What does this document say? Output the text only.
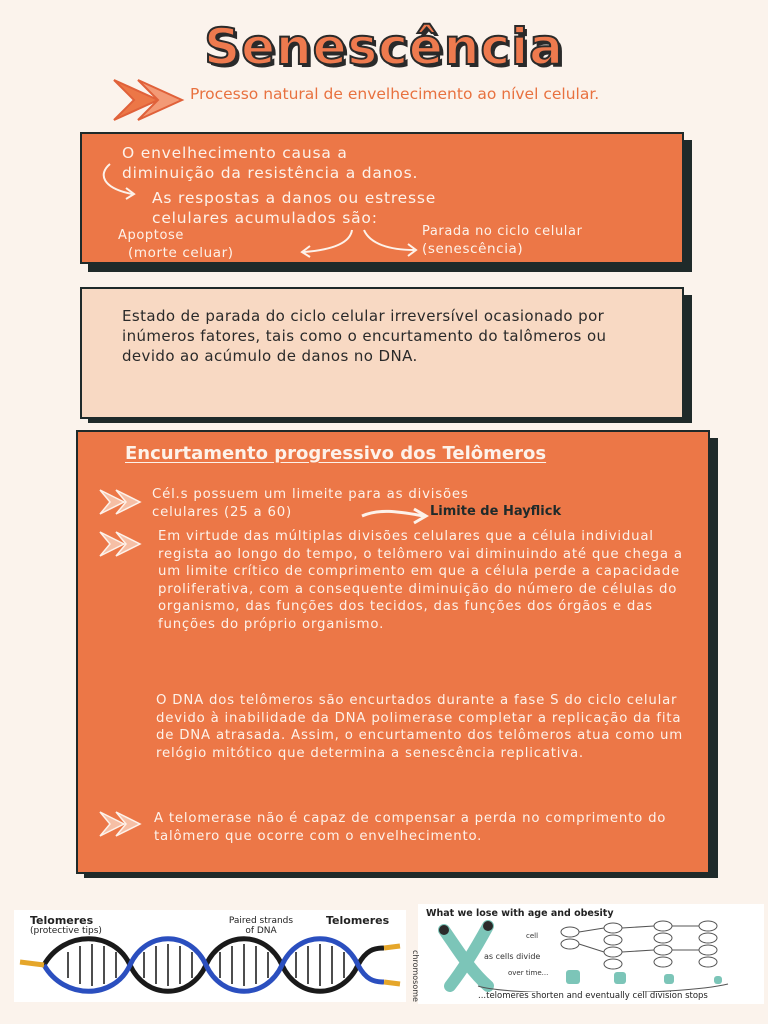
Senescência
Processo natural de envelhecimento ao nível celular.
O envelhecimento causa a
diminuição da resistência a danos.
As respostas a danos ou estresse
celulares acumulados são:
Apoptose
(morte celuar)
Parada no ciclo celular
(senescência)
Estado de parada do ciclo celular irreversível ocasionado por inúmeros fatores, tais como o encurtamento do talômeros ou devido ao acúmulo de danos no DNA.
Encurtamento progressivo dos Telômeros
Cél.s possuem um limeite para as divisões celulares (25 a 60)	Limite de Hayflick
Em virtude das múltiplas divisões celulares que a célula individual regista ao longo do tempo, o telômero vai diminuindo até que chega a um limite crítico de comprimento em que a célula perde a capacidade proliferativa, com a consequente diminuição do número de células do organismo, das funções dos tecidos, das funções dos órgãos e das funções do próprio organismo.
O DNA dos telômeros são encurtados durante a fase S do ciclo celular devido à inabilidade da DNA polimerase completar a replicação da fita de DNA atrasada. Assim, o encurtamento dos telômeros atua como um relógio mitótico que determina a senescência replicativa.
A telomerase não é capaz de compensar a perda no comprimento do talômero que ocorre com o envelhecimento.
Telomeres
(protective tips)
Paired strands of DNA
Telomeres
What we lose with age and obesity
chromosome
cell
as cells divide
over time...
...telomeres shorten and eventually cell division stops
